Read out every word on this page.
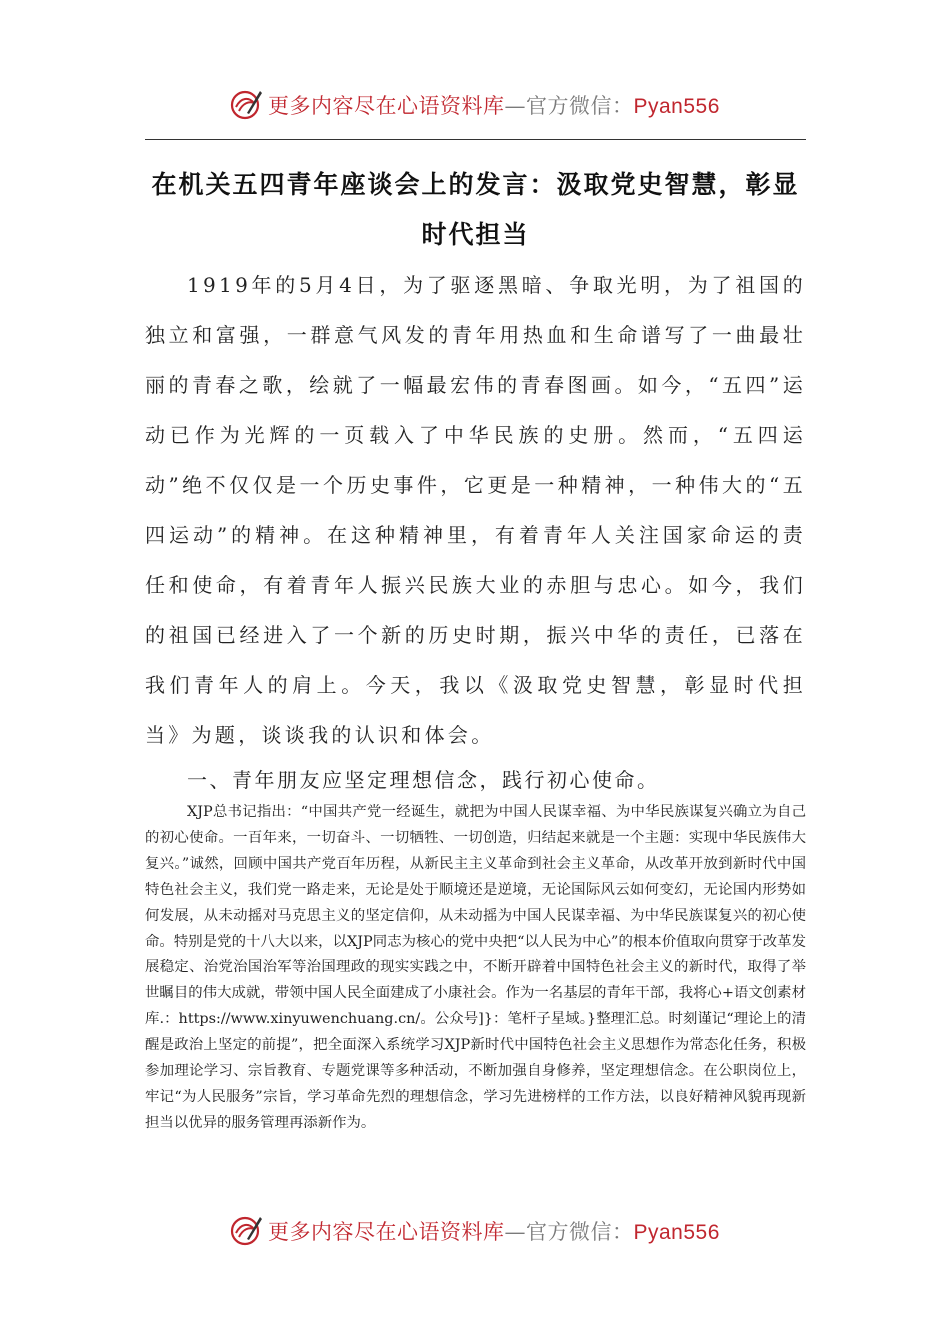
更多内容尽在心语资料库—官方微信：Pyan556
在机关五四青年座谈会上的发言：汲取党史智慧，彰显时代担当

1919年的5月4日，为了驱逐黑暗、争取光明，为了祖国的独立和富强，一群意气风发的青年用热血和生命谱写了一曲最壮丽的青春之歌，绘就了一幅最宏伟的青春图画。如今，“五四”运动已作为光辉的一页载入了中华民族的史册。然而，“五四运动”绝不仅仅是一个历史事件，它更是一种精神，一种伟大的“五四运动”的精神。在这种精神里，有着青年人关注国家命运的责任和使命，有着青年人振兴民族大业的赤胆与忠心。如今，我们的祖国已经进入了一个新的历史时期，振兴中华的责任，已落在我们青年人的肩上。今天，我以《汲取党史智慧，彰显时代担当》为题，谈谈我的认识和体会。

一、青年朋友应坚定理想信念，践行初心使命。

XJP总书记指出：“中国共产党一经诞生，就把为中国人民谋幸福、为中华民族谋复兴确立为自己的初心使命。一百年来，一切奋斗、一切牺牲、一切创造，归结起来就是一个主题：实现中华民族伟大复兴。”诚然，回顾中国共产党百年历程，从新民主主义革命到社会主义革命，从改革开放到新时代中国特色社会主义，我们党一路走来，无论是处于顺境还是逆境，无论国际风云如何变幻，无论国内形势如何发展，从未动摇对马克思主义的坚定信仰，从未动摇为中国人民谋幸福、为中华民族谋复兴的初心使命。特别是党的十八大以来，以XJP同志为核心的党中央把“以人民为中心”的根本价值取向贯穿于改革发展稳定、治党治国治军等治国理政的现实实践之中，不断开辟着中国特色社会主义的新时代，取得了举世瞩目的伟大成就，带领中国人民全面建成了小康社会。作为一名基层的青年干部，我将心+语文创素材库.：https://www.xinyuwenchuang.cn/。公众号]}：笔杆子星域。}整理汇总。时刻谨记“理论上的清醒是政治上坚定的前提”，把全面深入系统学习XJP新时代中国特色社会主义思想作为常态化任务，积极参加理论学习、宗旨教育、专题党课等多种活动，不断加强自身修养，坚定理想信念。在公职岗位上，牢记“为人民服务”宗旨，学习革命先烈的理想信念，学习先进榜样的工作方法，以良好精神风貌再现新担当以优异的服务管理再添新作为。

更多内容尽在心语资料库—官方微信：Pyan556
